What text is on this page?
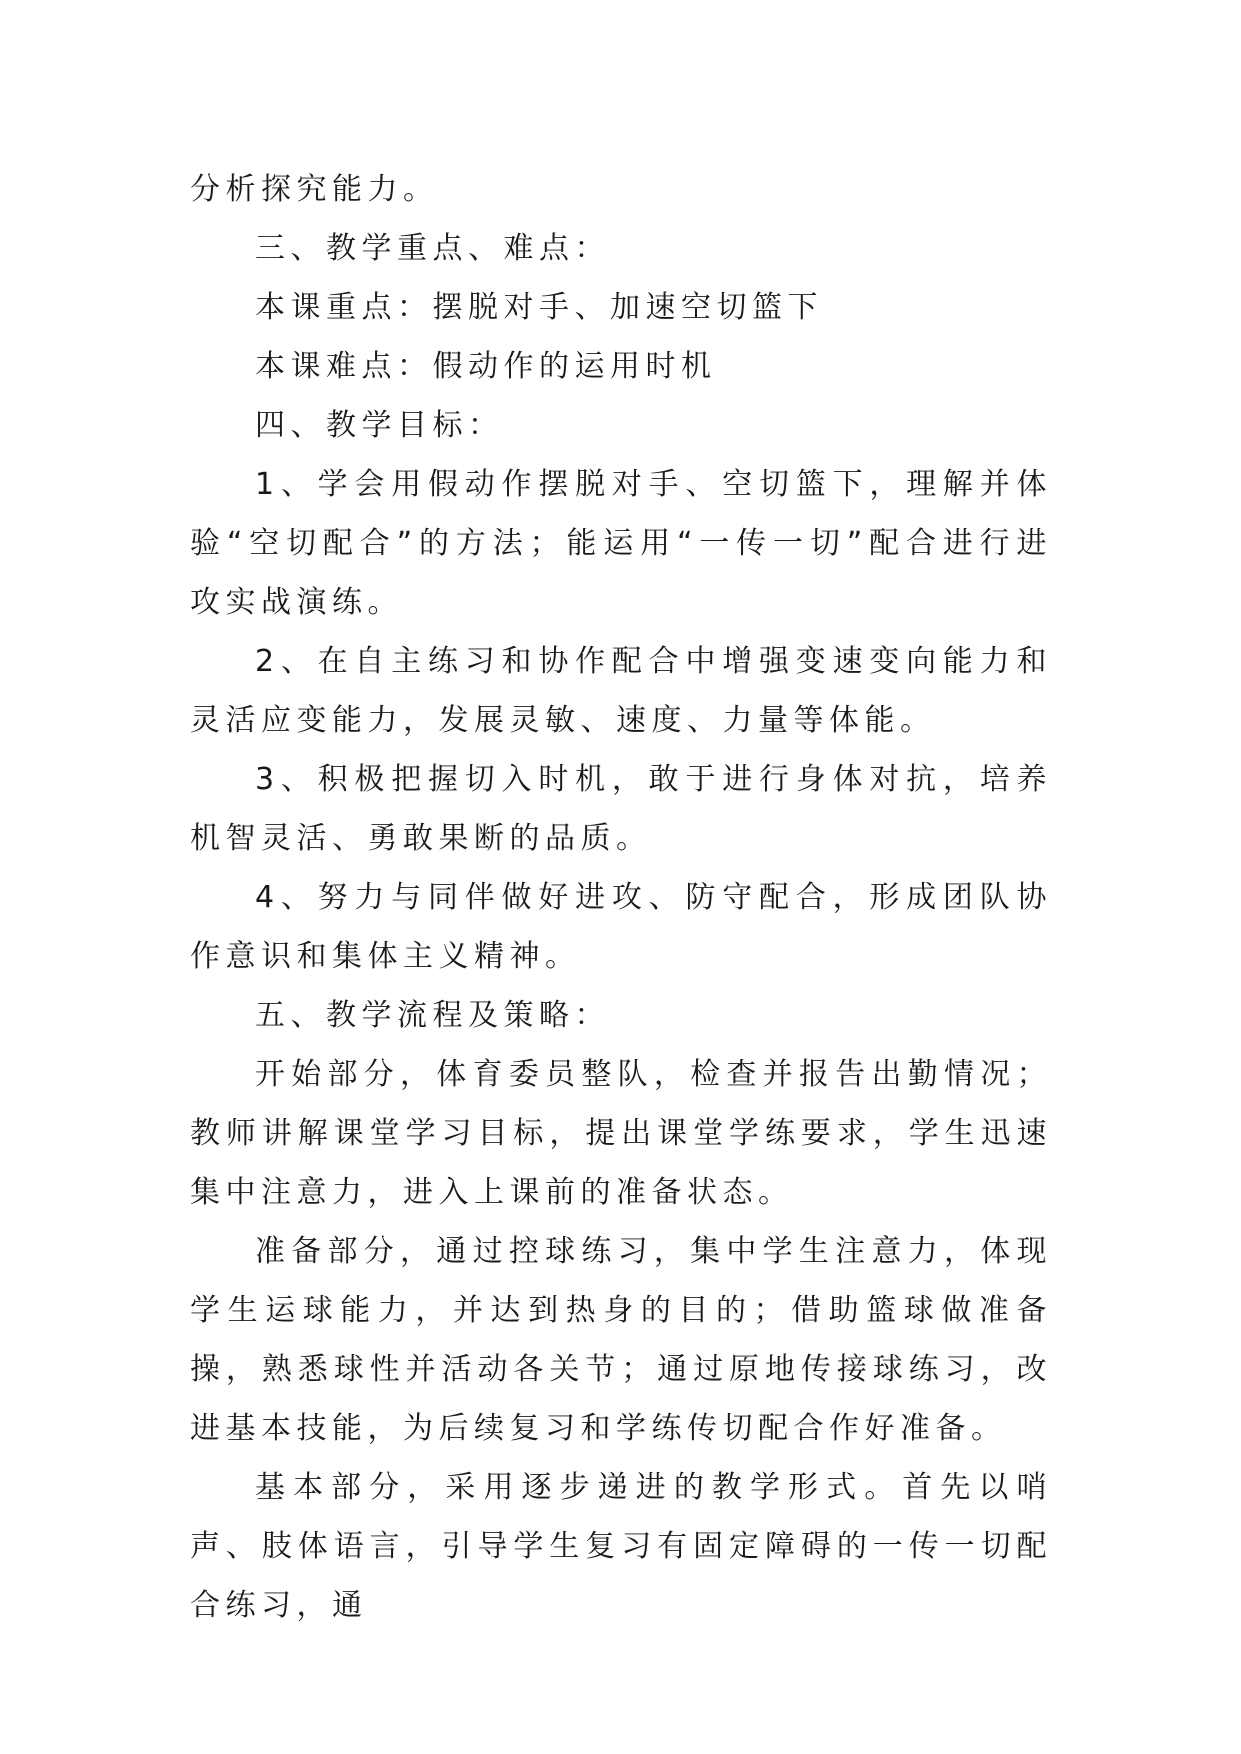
分析探究能力。

三、教学重点、难点：

本课重点：摆脱对手、加速空切篮下

本课难点：假动作的运用时机

四、教学目标：

1、学会用假动作摆脱对手、空切篮下，理解并体验“空切配合”的方法；能运用“一传一切”配合进行进攻实战演练。

2、在自主练习和协作配合中增强变速变向能力和灵活应变能力，发展灵敏、速度、力量等体能。

3、积极把握切入时机，敢于进行身体对抗，培养机智灵活、勇敢果断的品质。

4、努力与同伴做好进攻、防守配合，形成团队协作意识和集体主义精神。

五、教学流程及策略：

开始部分，体育委员整队，检查并报告出勤情况；教师讲解课堂学习目标，提出课堂学练要求，学生迅速集中注意力，进入上课前的准备状态。

准备部分，通过控球练习，集中学生注意力，体现学生运球能力，并达到热身的目的；借助篮球做准备操，熟悉球性并活动各关节；通过原地传接球练习，改进基本技能，为后续复习和学练传切配合作好准备。

基本部分，采用逐步递进的教学形式。首先以哨声、肢体语言，引导学生复习有固定障碍的一传一切配合练习，通
